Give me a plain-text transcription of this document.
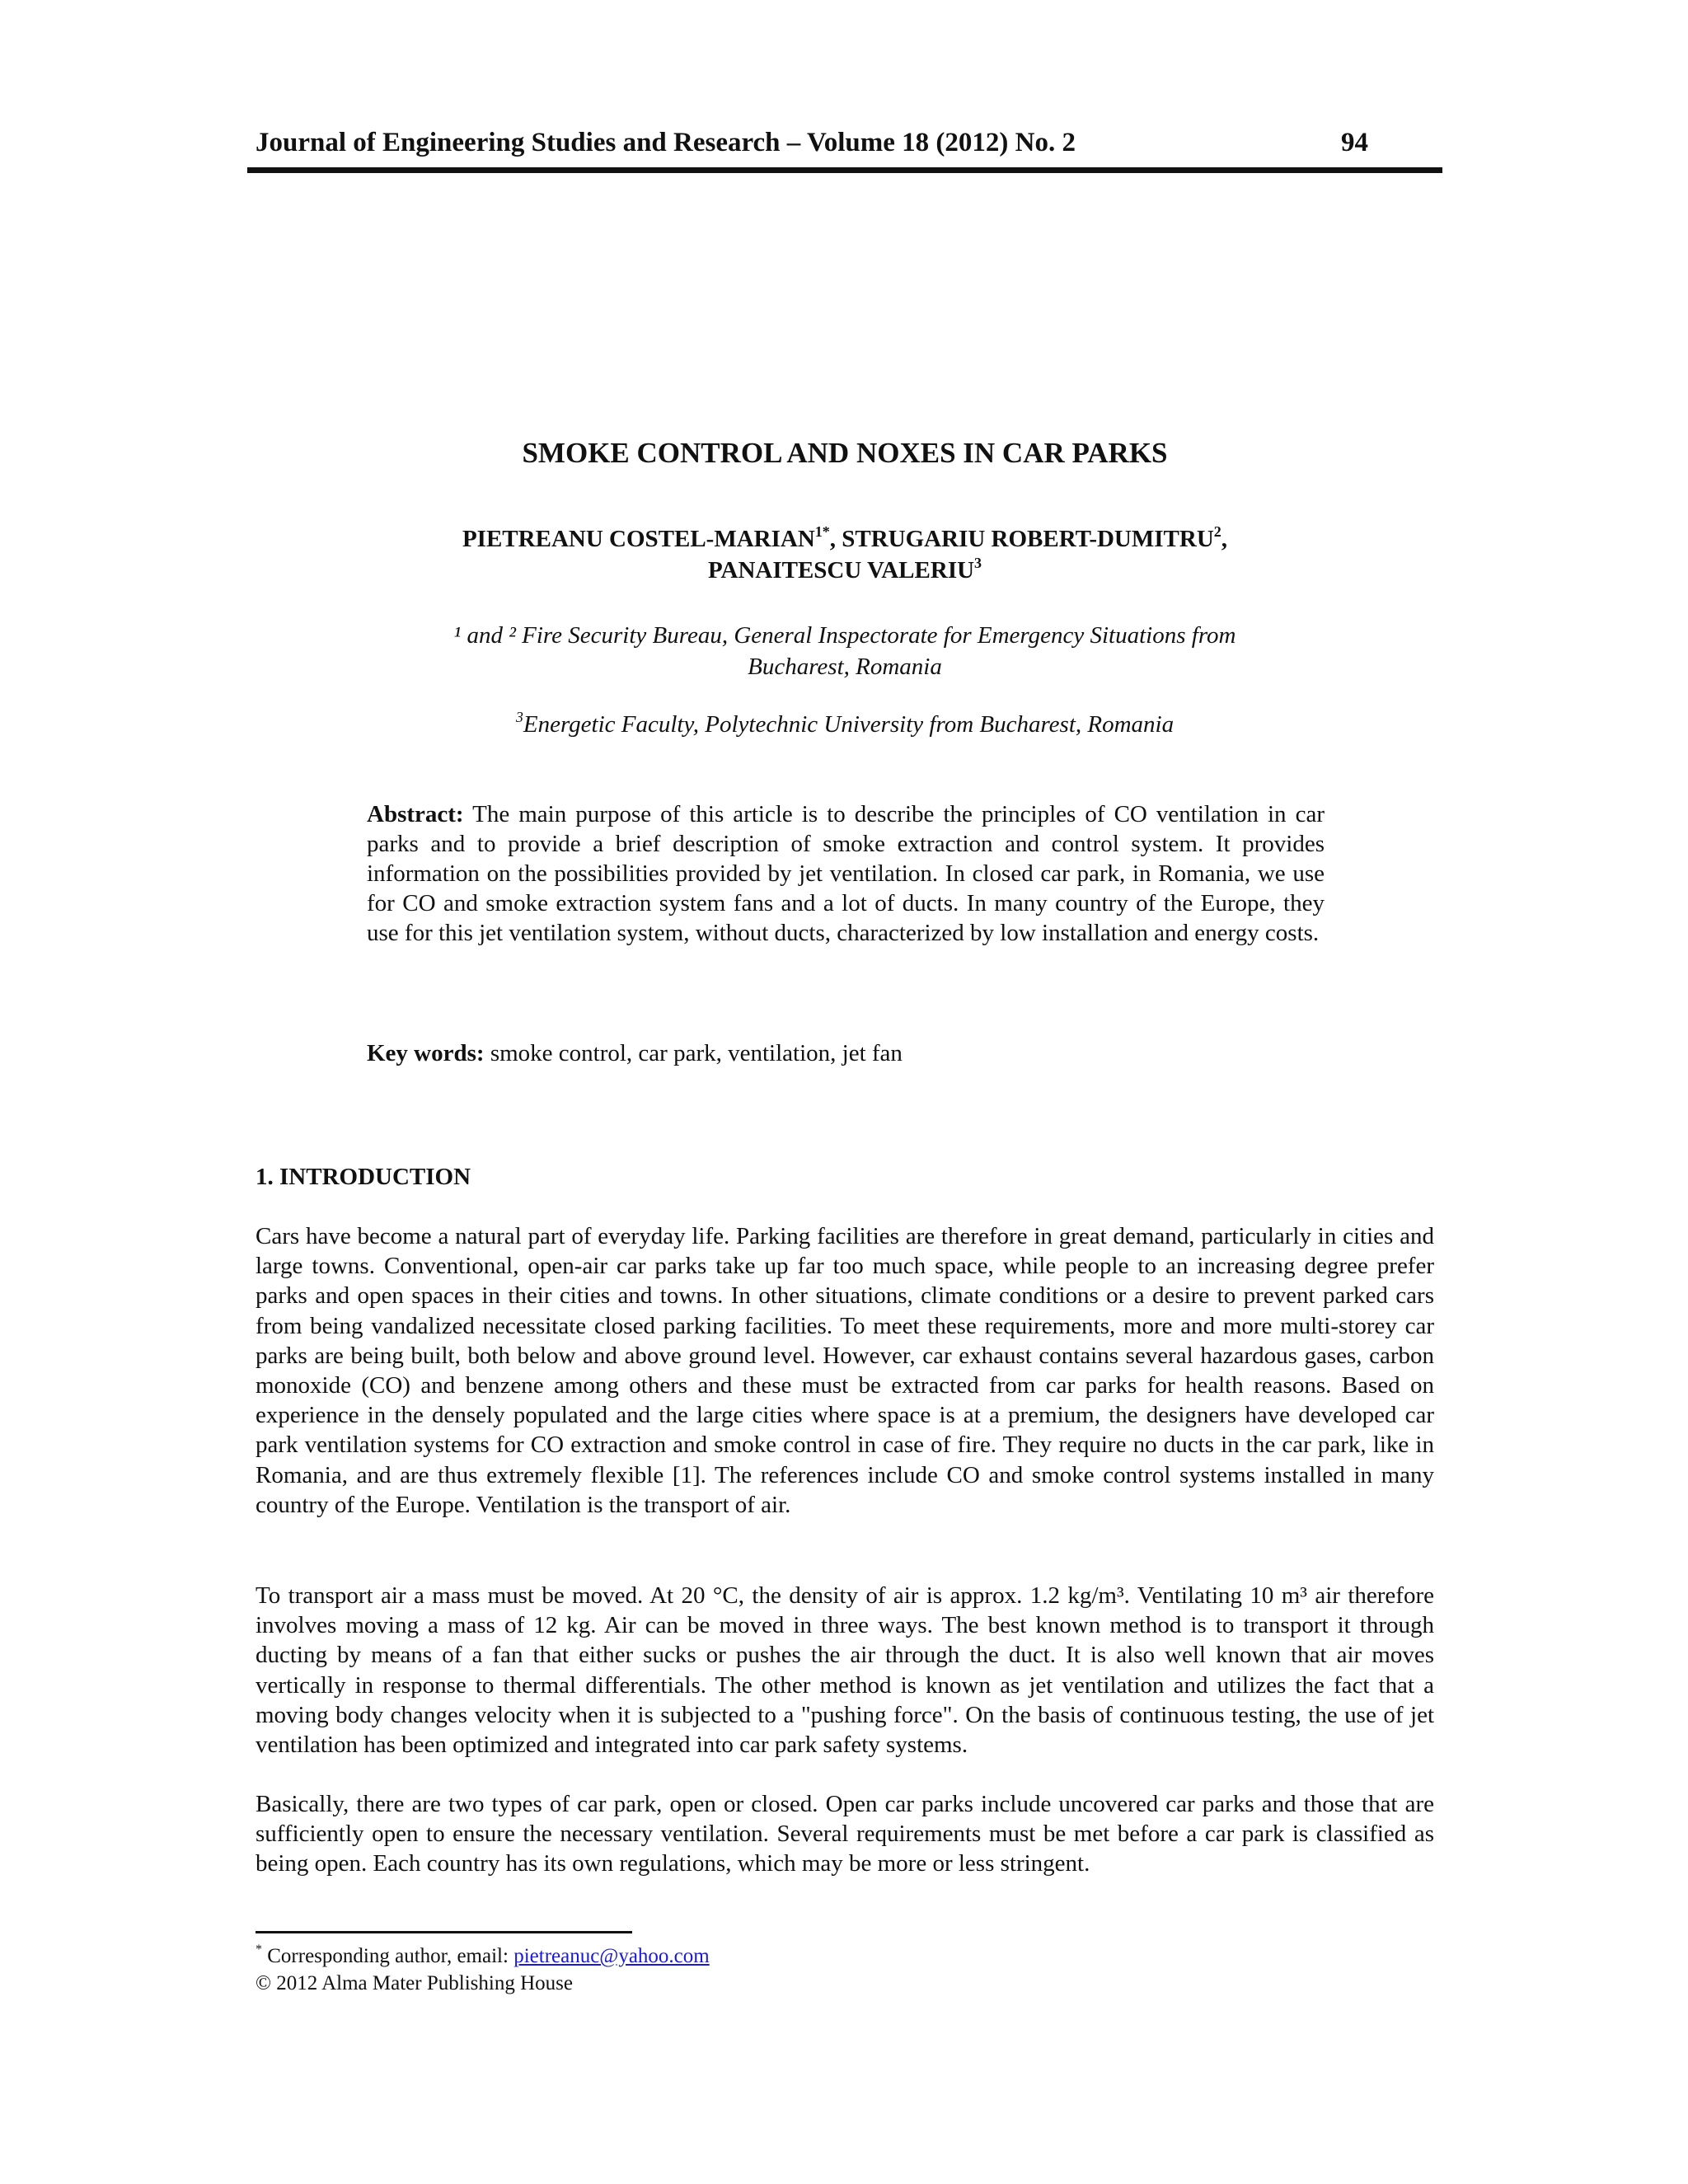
Journal of Engineering Studies and Research – Volume 18 (2012) No. 2	94
SMOKE CONTROL AND NOXES IN CAR PARKS
PIETREANU COSTEL-$MARIAN^{1*}$, STRUGARIU ROBERT-DUMITRU$^2$,
PANAITESCU VALERIU$^3$
¹ and ² Fire Security Bureau, General Inspectorate for Emergency Situations from
Bucharest, Romania
$^3$Energetic Faculty, Polytechnic University from Bucharest, Romania
Abstract: The main purpose of this article is to describe the principles of CO ventilation in car parks and to provide a brief description of smoke extraction and control system. It provides information on the possibilities provided by jet ventilation. In closed car park, in Romania, we use for CO and smoke extraction system fans and a lot of ducts. In many country of the Europe, they use for this jet ventilation system, without ducts, characterized by low installation and energy costs.
Key words: smoke control, car park, ventilation, jet fan
1. INTRODUCTION

Cars have become a natural part of everyday life. Parking facilities are therefore in great demand, particularly in cities and large towns. Conventional, open-air car parks take up far too much space, while people to an increasing degree prefer parks and open spaces in their cities and towns. In other situations, climate conditions or a desire to prevent parked cars from being vandalized necessitate closed parking facilities. To meet these requirements, more and more multi-storey car parks are being built, both below and above ground level. However, car exhaust contains several hazardous gases, carbon monoxide (CO) and benzene among others and these must be extracted from car parks for health reasons. Based on experience in the densely populated and the large cities where space is at a premium, the designers have developed car park ventilation systems for CO extraction and smoke control in case of fire. They require no ducts in the car park, like in Romania, and are thus extremely flexible [1]. The references include CO and smoke control systems installed in many country of the Europe. Ventilation is the transport of air.

To transport air a mass must be moved. At 20 °C, the density of air is approx. 1.2 kg/m³. Ventilating 10 m³ air therefore involves moving a mass of 12 kg. Air can be moved in three ways. The best known method is to transport it through ducting by means of a fan that either sucks or pushes the air through the duct. It is also well known that air moves vertically in response to thermal differentials. The other method is known as jet ventilation and utilizes the fact that a moving body changes velocity when it is subjected to a "pushing force". On the basis of continuous testing, the use of jet ventilation has been optimized and integrated into car park safety systems.

Basically, there are two types of car park, open or closed. Open car parks include uncovered car parks and those that are sufficiently open to ensure the necessary ventilation. Several requirements must be met before a car park is classified as being open. Each country has its own regulations, which may be more or less stringent.

* Corresponding author, email: pietreanuc@yahoo.com
© 2012 Alma Mater Publishing House
